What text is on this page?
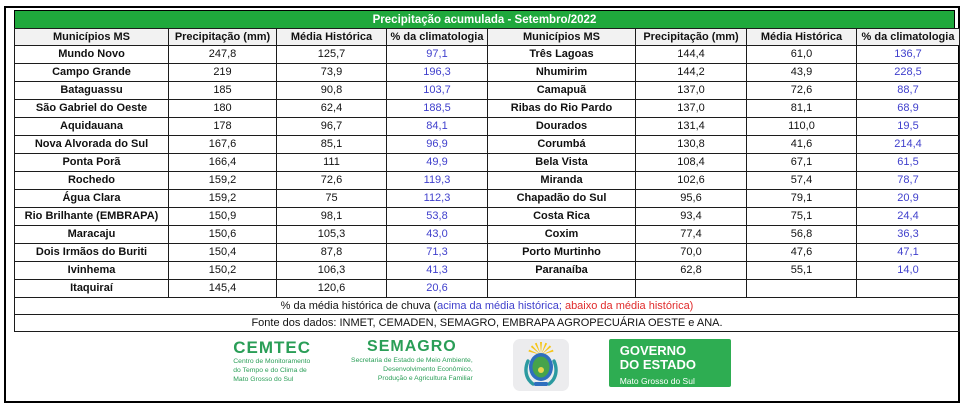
Precipitação acumulada - Setembro/2022
Municípios MS	Precipitação (mm)	Média Histórica	% da climatologia	Municípios MS	Precipitação (mm)	Média Histórica	% da climatologia
Mundo Novo	247,8	125,7	97,1	Três Lagoas	144,4	61,0	136,7
Campo Grande	219	73,9	196,3	Nhumirim	144,2	43,9	228,5
Bataguassu	185	90,8	103,7	Camapuã	137,0	72,6	88,7
São Gabriel do Oeste	180	62,4	188,5	Ribas do Rio Pardo	137,0	81,1	68,9
Aquidauana	178	96,7	84,1	Dourados	131,4	110,0	19,5
Nova Alvorada do Sul	167,6	85,1	96,9	Corumbá	130,8	41,6	214,4
Ponta Porã	166,4	111	49,9	Bela Vista	108,4	67,1	61,5
Rochedo	159,2	72,6	119,3	Miranda	102,6	57,4	78,7
Água Clara	159,2	75	112,3	Chapadão do Sul	95,6	79,1	20,9
Rio Brilhante (EMBRAPA)	150,9	98,1	53,8	Costa Rica	93,4	75,1	24,4
Maracaju	150,6	105,3	43,0	Coxim	77,4	56,8	36,3
Dois Irmãos do Buriti	150,4	87,8	71,3	Porto Murtinho	70,0	47,6	47,1
Ivinhema	150,2	106,3	41,3	Paranaíba	62,8	55,1	14,0
Itaquiraí	145,4	120,6	20,6				
% da média histórica de chuva (acima da média histórica; abaixo da média histórica)							
Fonte dos dados: INMET, CEMADEN, SEMAGRO, EMBRAPA AGROPECUÁRIA OESTE e ANA.							
CEMTEC
Centro de Monitoramento
do Tempo e do Clima de
Mato Grosso do Sul
SEMAGRO
Secretaria de Estado de Meio Ambiente,
Desenvolvimento Econômico,
Produção e Agricultura Familiar
GOVERNO
DO ESTADO
Mato Grosso do Sul
